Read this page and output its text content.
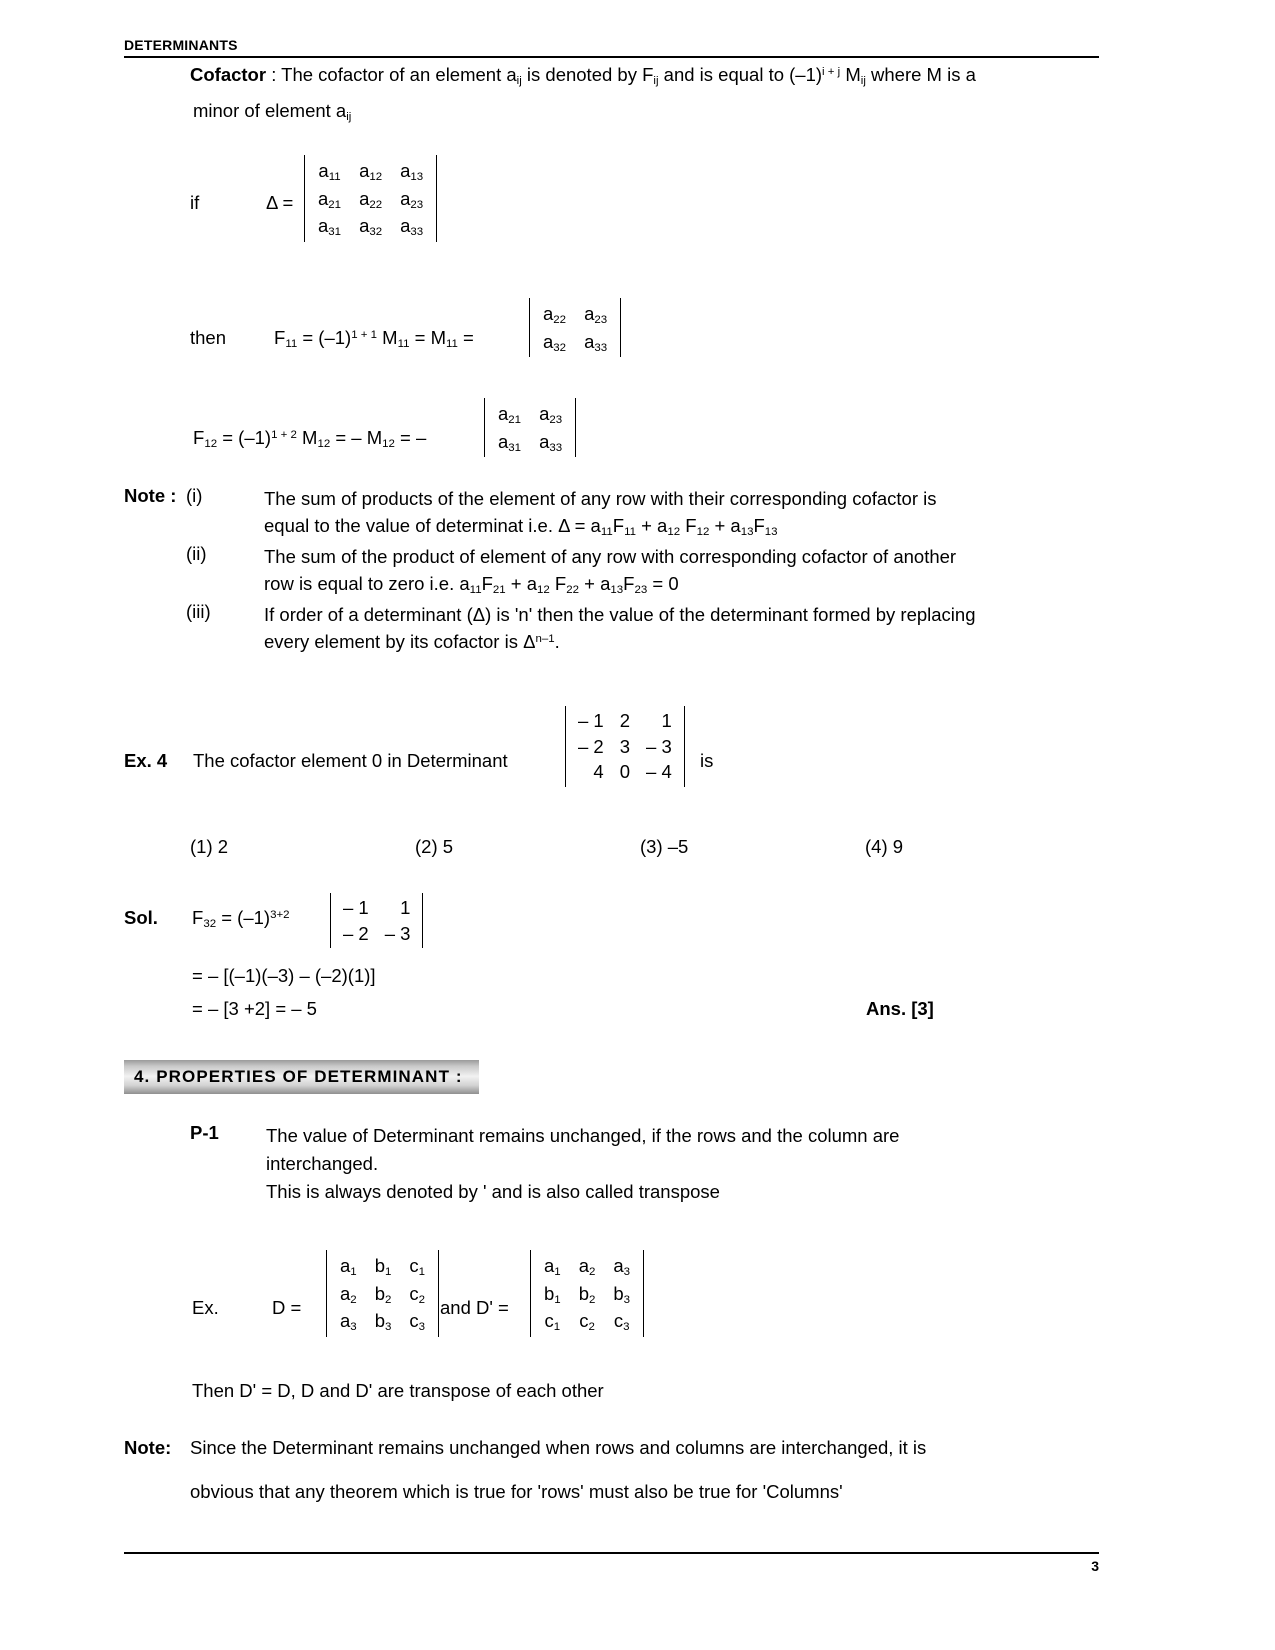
DETERMINANTS
Cofactor : The cofactor of an element $a_{ij}$ is denoted by $F_{ij}$ and is equal to $(-1)^{i + j}$ $M_{ij}$ where M is a
minor of element $a_{ij}$
if	Δ =
$a_{11}$	$a_{12}$	$a_{13}$
$a_{21}$	$a_{22}$	$a_{23}$
$a_{31}$	$a_{32}$	$a_{33}$
then	$F_{11} = (-1)^{1 + 1}$ $M_{11} = M_{11}$ =
$a_{22}$	$a_{23}$
$a_{32}$	$a_{33}$
$F_{12} = (-1)^{1 + 2}$ $M_{12}$ = – $M_{12}$ = –
$a_{21}$	$a_{23}$
$a_{31}$	$a_{33}$
Note : (i)	The sum of products of the element of any row with their corresponding cofactor is
equal to the value of determinat i.e. $\Delta = a_{11}F_{11} + a_{12}$ $F_{12} + a_{13}F_{13}$
(ii)	The sum of the product of element of any row with corresponding cofactor of another
row is equal to zero i.e. $a_{11}F_{21} + a_{12}$ $F_{22} + a_{13}F_{23} = 0$
(iii)	If order of a determinant (Δ) is 'n' then the value of the determinant formed by replacing
every element by its cofactor is $\Delta^{n-1}$.
Ex. 4 The cofactor element 0 in Determinant
– 1	2	1
– 2	3	– 3
4	0	– 4
is
(1) 2	(2) 5	(3) –5	(4) 9
Sol. $F_{32} = (-1)^{3+2}$	– 1	1
– 2	– 3
= – [(–1)(–3) – (–2)(1)]
= – [3 +2] = – 5	Ans. [3]
4. PROPERTIES OF DETERMINANT :
P-1	The value of Determinant remains unchanged, if the rows and the column are
interchanged.
This is always denoted by ' and is also called transpose
Ex.	D =
$a_1$	$b_1$	$c_1$
$a_2$	$b_2$	$c_2$
$a_3$	$b_3$	$c_3$
and D' =
$a_1$	$a_2$	$a_3$
$b_1$	$b_2$	$b_3$
$c_1$	$c_2$	$c_3$
Then D' = D, D and D' are transpose of each other
Note: Since the Determinant remains unchanged when rows and columns are interchanged, it is
obvious that any theorem which is true for 'rows' must also be true for 'Columns'
3
